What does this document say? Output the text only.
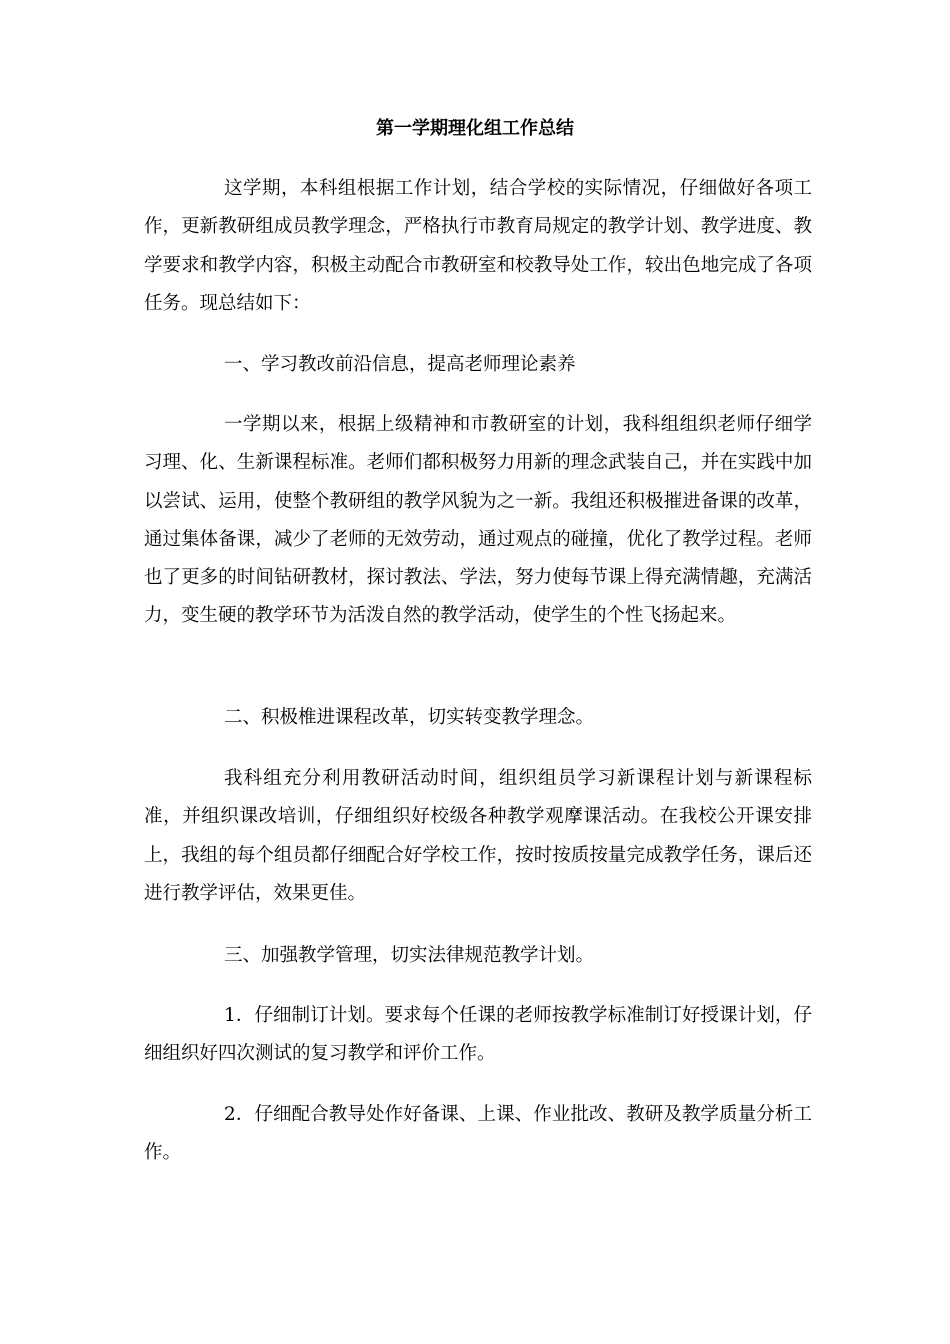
第一学期理化组工作总结
这学期，本科组根据工作计划，结合学校的实际情况，仔细做好各项工作，更新教研组成员教学理念，严格执行市教育局规定的教学计划、教学进度、教学要求和教学内容，积极主动配合市教研室和校教导处工作，较出色地完成了各项任务。现总结如下：
一、学习教改前沿信息，提高老师理论素养
一学期以来，根据上级精神和市教研室的计划，我科组组织老师仔细学习理、化、生新课程标准。老师们都积极努力用新的理念武装自己，并在实践中加以尝试、运用，使整个教研组的教学风貌为之一新。我组还积极摧进备课的改革，通过集体备课，减少了老师的无效劳动，通过观点的碰撞，优化了教学过程。老师也了更多的时间钻研教材，探讨教法、学法，努力使每节课上得充满情趣，充满活力，变生硬的教学环节为活泼自然的教学活动，使学生的个性飞扬起来。
二、积极椎进课程改革，切实转变教学理念。
我科组充分利用教研活动时间，组织组员学习新课程计划与新课程标准，并组织课改培训，仔细组织好校级各种教学观摩课活动。在我校公开课安排上，我组的每个组员都仔细配合好学校工作，按时按质按量完成教学任务，课后还进行教学评估，效果更佳。
三、加强教学管理，切实法律规范教学计划。
1．仔细制订计划。要求每个任课的老师按教学标准制订好授课计划，仔细组织好四次测试的复习教学和评价工作。
2．仔细配合教导处作好备课、上课、作业批改、教研及教学质量分析工作。
